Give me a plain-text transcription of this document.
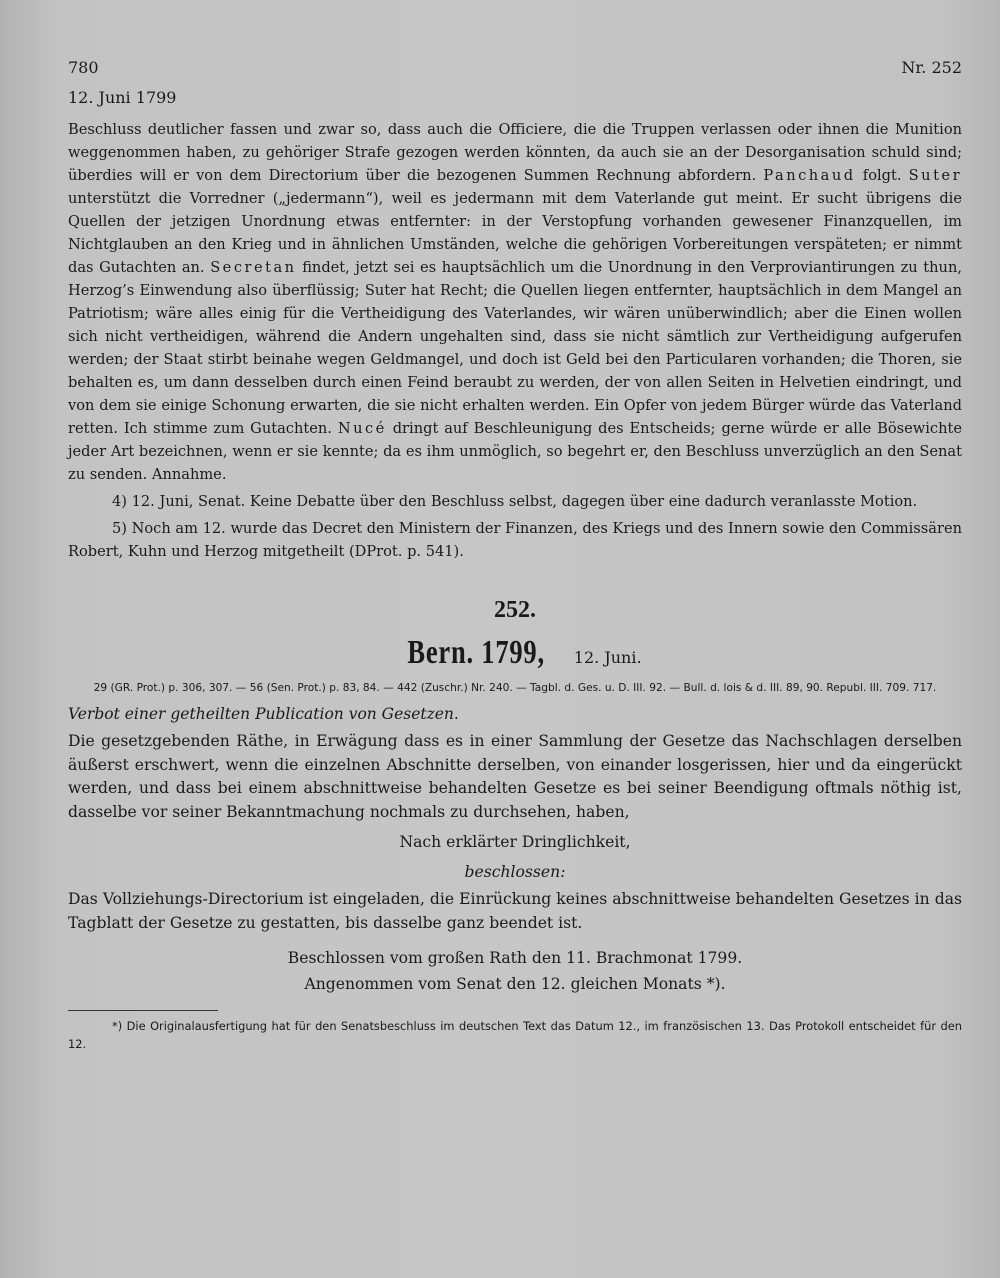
780	Nr. 252
12. Juni 1799

Beschluss deutlicher fassen und zwar so, dass auch die Officiere, die die Truppen verlassen oder ihnen die Munition weggenommen haben, zu gehöriger Strafe gezogen werden könnten, da auch sie an der Desorganisation schuld sind; überdies will er von dem Directorium über die bezogenen Summen Rechnung abfordern. Panchaud folgt. Suter unterstützt die Vorredner („jedermann“), weil es jedermann mit dem Vaterlande gut meint. Er sucht übrigens die Quellen der jetzigen Unordnung etwas entfernter: in der Verstopfung vorhanden gewesener Finanzquellen, im Nichtglauben an den Krieg und in ähnlichen Umständen, welche die gehörigen Vorbereitungen verspäteten; er nimmt das Gutachten an. Secretan findet, jetzt sei es hauptsächlich um die Unordnung in den Verproviantirungen zu thun, Herzog’s Einwendung also überflüssig; Suter hat Recht; die Quellen liegen entfernter, hauptsächlich in dem Mangel an Patriotism; wäre alles einig für die Vertheidigung des Vaterlandes, wir wären unüberwindlich; aber die Einen wollen sich nicht vertheidigen, während die Andern ungehalten sind, dass sie nicht sämtlich zur Vertheidigung aufgerufen werden; der Staat stirbt beinahe wegen Geldmangel, und doch ist Geld bei den Particularen vorhanden; die Thoren, sie behalten es, um dann desselben durch einen Feind beraubt zu werden, der von allen Seiten in Helvetien eindringt, und von dem sie einige Schonung erwarten, die sie nicht erhalten werden. Ein Opfer von jedem Bürger würde das Vaterland retten. Ich stimme zum Gutachten. Nucé dringt auf Beschleunigung des Entscheids; gerne würde er alle Bösewichte jeder Art bezeichnen, wenn er sie kennte; da es ihm unmöglich, so begehrt er, den Beschluss unverzüglich an den Senat zu senden. Annahme.

4) 12. Juni, Senat. Keine Debatte über den Beschluss selbst, dagegen über eine dadurch veranlasste Motion.

5) Noch am 12. wurde das Decret den Ministern der Finanzen, des Kriegs und des Innern sowie den Commissären Robert, Kuhn und Herzog mitgetheilt (DProt. p. 541).

252.
Bern. 1799, 12. Juni.
29 (GR. Prot.) p. 306, 307. — 56 (Sen. Prot.) p. 83, 84. — 442 (Zuschr.) Nr. 240. — Tagbl. d. Ges. u. D. III. 92. — Bull. d. lois & d. III. 89, 90. Republ. III. 709. 717.
Verbot einer getheilten Publication von Gesetzen.

Die gesetzgebenden Räthe, in Erwägung dass es in einer Sammlung der Gesetze das Nachschlagen derselben äußerst erschwert, wenn die einzelnen Abschnitte derselben, von einander losgerissen, hier und da eingerückt werden, und dass bei einem abschnittweise behandelten Gesetze es bei seiner Beendigung oftmals nöthig ist, dasselbe vor seiner Bekanntmachung nochmals zu durchsehen, haben,

Nach erklärter Dringlichkeit,
beschlossen:

Das Vollziehungs-Directorium ist eingeladen, die Einrückung keines abschnittweise behandelten Gesetzes in das Tagblatt der Gesetze zu gestatten, bis dasselbe ganz beendet ist.

Beschlossen vom großen Rath den 11. Brachmonat 1799.
Angenommen vom Senat den 12. gleichen Monats *).

*) Die Originalausfertigung hat für den Senatsbeschluss im deutschen Text das Datum 12., im französischen 13. Das Protokoll entscheidet für den 12.
